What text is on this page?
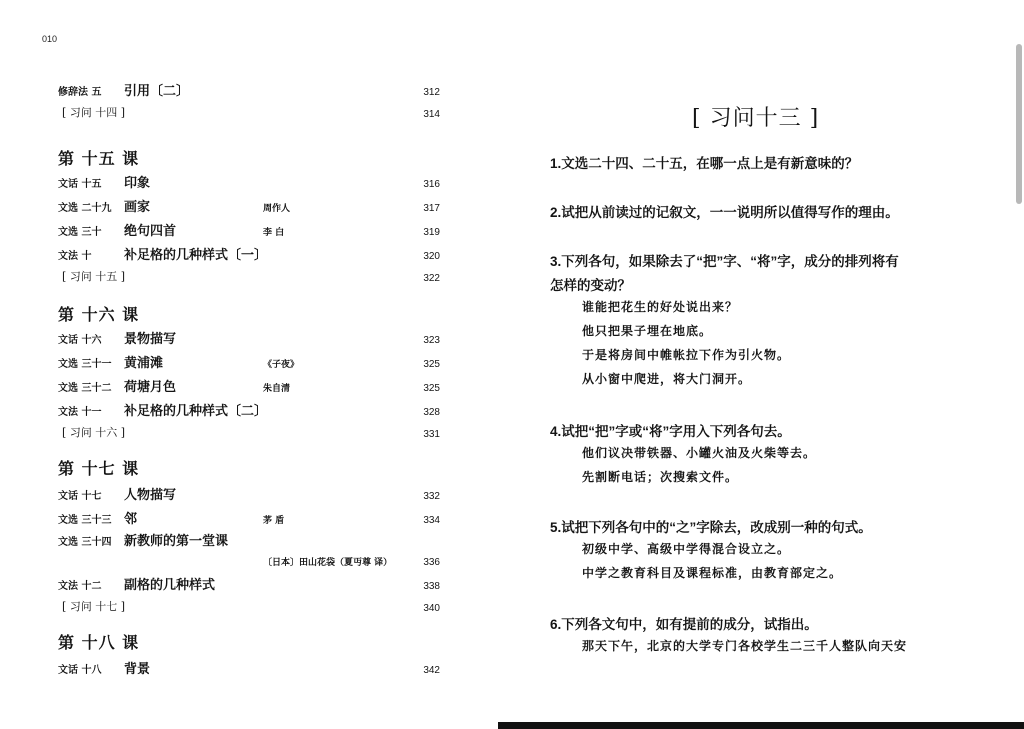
010
修辞法 五 引用〔二〕	312
[ 习问 十四 ]	314
第 十五 课
文话 十五 印象	316
文选 二十九 画家	周作人	317
文选 三十 绝句四首	李 白	319
文法 十	补足格的几种样式〔一〕	320
[ 习问 十五 ]	322
第 十六 课
文话 十六 景物描写	323
文选 三十一 黄浦滩	《子夜》	325
文选 三十二 荷塘月色	朱自清	325
文法 十一 补足格的几种样式〔二〕	328
[ 习问 十六 ]	331
第 十七 课
文话 十七 人物描写	332
文选 三十三 邻	茅 盾	334
文选 三十四 新教师的第一堂课
〔日本〕田山花袋（夏丏尊 译）	336
文法 十二 副格的几种样式	338
[ 习问 十七 ]	340
第 十八 课
文话 十八 背景	342
[ 习问十三 ]
1.文选二十四、二十五，在哪一点上是有新意味的？
2.试把从前读过的记叙文，一一说明所以值得写作的理由。
3.下列各句，如果除去了“把”字、“将”字，成分的排列将有
怎样的变动？
4.试把“把”字或“将”字用入下列各句去。
5.试把下列各句中的“之”字除去，改成别一种的句式。
6.下列各文句中，如有提前的成分，试指出。
谁能把花生的好处说出来？
他只把果子埋在地底。
于是将房间中帷帐拉下作为引火物。
从小窗中爬进，将大门洞开。
他们议决带铁器、小罐火油及火柴等去。
先割断电话；次搜索文件。
初级中学、高级中学得混合设立之。
中学之教育科目及课程标准，由教育部定之。
那天下午，北京的大学专门各校学生二三千人整队向天安
